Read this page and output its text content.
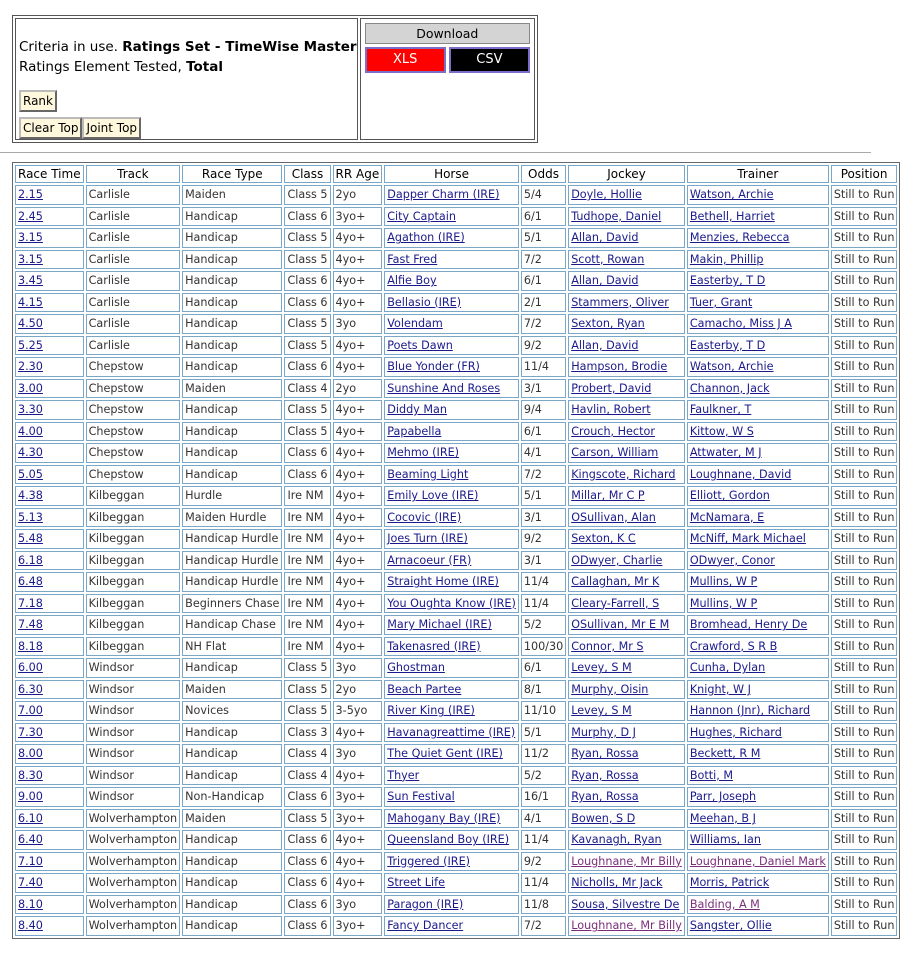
Criteria in use. Ratings Set - TimeWise Master
Ratings Element Tested, Total
Rank
Clear Top Joint Top

Download
XLS	CSV
Race Time	Track	Race Type	Class	RR Age	Horse	Odds	Jockey	Trainer	Position
2.15	Carlisle	Maiden	Class 5	2yo	Dapper Charm (IRE)	5/4	Doyle, Hollie	Watson, Archie	Still to Run
2.45	Carlisle	Handicap	Class 6	3yo+	City Captain	6/1	Tudhope, Daniel	Bethell, Harriet	Still to Run
3.15	Carlisle	Handicap	Class 5	4yo+	Agathon (IRE)	5/1	Allan, David	Menzies, Rebecca	Still to Run
3.15	Carlisle	Handicap	Class 5	4yo+	Fast Fred	7/2	Scott, Rowan	Makin, Phillip	Still to Run
3.45	Carlisle	Handicap	Class 6	4yo+	Alfie Boy	6/1	Allan, David	Easterby, T D	Still to Run
4.15	Carlisle	Handicap	Class 6	4yo+	Bellasio (IRE)	2/1	Stammers, Oliver	Tuer, Grant	Still to Run
4.50	Carlisle	Handicap	Class 5	3yo	Volendam	7/2	Sexton, Ryan	Camacho, Miss J A	Still to Run
5.25	Carlisle	Handicap	Class 5	4yo+	Poets Dawn	9/2	Allan, David	Easterby, T D	Still to Run
2.30	Chepstow	Handicap	Class 6	4yo+	Blue Yonder (FR)	11/4	Hampson, Brodie	Watson, Archie	Still to Run
3.00	Chepstow	Maiden	Class 4	2yo	Sunshine And Roses	3/1	Probert, David	Channon, Jack	Still to Run
3.30	Chepstow	Handicap	Class 5	4yo+	Diddy Man	9/4	Havlin, Robert	Faulkner, T	Still to Run
4.00	Chepstow	Handicap	Class 5	4yo+	Papabella	6/1	Crouch, Hector	Kittow, W S	Still to Run
4.30	Chepstow	Handicap	Class 6	4yo+	Mehmo (IRE)	4/1	Carson, William	Attwater, M J	Still to Run
5.05	Chepstow	Handicap	Class 6	4yo+	Beaming Light	7/2	Kingscote, Richard	Loughnane, David	Still to Run
4.38	Kilbeggan	Hurdle	Ire NM	4yo+	Emily Love (IRE)	5/1	Millar, Mr C P	Elliott, Gordon	Still to Run
5.13	Kilbeggan	Maiden Hurdle	Ire NM	4yo+	Cocovic (IRE)	3/1	OSullivan, Alan	McNamara, E	Still to Run
5.48	Kilbeggan	Handicap Hurdle	Ire NM	4yo+	Joes Turn (IRE)	9/2	Sexton, K C	McNiff, Mark Michael	Still to Run
6.18	Kilbeggan	Handicap Hurdle	Ire NM	4yo+	Arnacoeur (FR)	3/1	ODwyer, Charlie	ODwyer, Conor	Still to Run
6.48	Kilbeggan	Handicap Hurdle	Ire NM	4yo+	Straight Home (IRE)	11/4	Callaghan, Mr K	Mullins, W P	Still to Run
7.18	Kilbeggan	Beginners Chase	Ire NM	4yo+	You Oughta Know (IRE)	11/4	Cleary-Farrell, S	Mullins, W P	Still to Run
7.48	Kilbeggan	Handicap Chase	Ire NM	4yo+	Mary Michael (IRE)	5/2	OSullivan, Mr E M	Bromhead, Henry De	Still to Run
8.18	Kilbeggan	NH Flat	Ire NM	4yo+	Takenasred (IRE)	100/30	Connor, Mr S	Crawford, S R B	Still to Run
6.00	Windsor	Handicap	Class 5	3yo	Ghostman	6/1	Levey, S M	Cunha, Dylan	Still to Run
6.30	Windsor	Maiden	Class 5	2yo	Beach Partee	8/1	Murphy, Oisin	Knight, W J	Still to Run
7.00	Windsor	Novices	Class 5	3-5yo	River King (IRE)	11/10	Levey, S M	Hannon (Jnr), Richard	Still to Run
7.30	Windsor	Handicap	Class 3	4yo+	Havanagreattime (IRE)	5/1	Murphy, D J	Hughes, Richard	Still to Run
8.00	Windsor	Handicap	Class 4	3yo	The Quiet Gent (IRE)	11/2	Ryan, Rossa	Beckett, R M	Still to Run
8.30	Windsor	Handicap	Class 4	4yo+	Thyer	5/2	Ryan, Rossa	Botti, M	Still to Run
9.00	Windsor	Non-Handicap	Class 6	3yo+	Sun Festival	16/1	Ryan, Rossa	Parr, Joseph	Still to Run
6.10	Wolverhampton	Maiden	Class 5	3yo+	Mahogany Bay (IRE)	4/1	Bowen, S D	Meehan, B J	Still to Run
6.40	Wolverhampton	Handicap	Class 6	4yo+	Queensland Boy (IRE)	11/4	Kavanagh, Ryan	Williams, Ian	Still to Run
7.10	Wolverhampton	Handicap	Class 6	4yo+	Triggered (IRE)	9/2	Loughnane, Mr Billy	Loughnane, Daniel Mark	Still to Run
7.40	Wolverhampton	Handicap	Class 6	4yo+	Street Life	11/4	Nicholls, Mr Jack	Morris, Patrick	Still to Run
8.10	Wolverhampton	Handicap	Class 6	3yo	Paragon (IRE)	11/8	Sousa, Silvestre De	Balding, A M	Still to Run
8.40	Wolverhampton	Handicap	Class 6	3yo+	Fancy Dancer	7/2	Loughnane, Mr Billy	Sangster, Ollie	Still to Run
